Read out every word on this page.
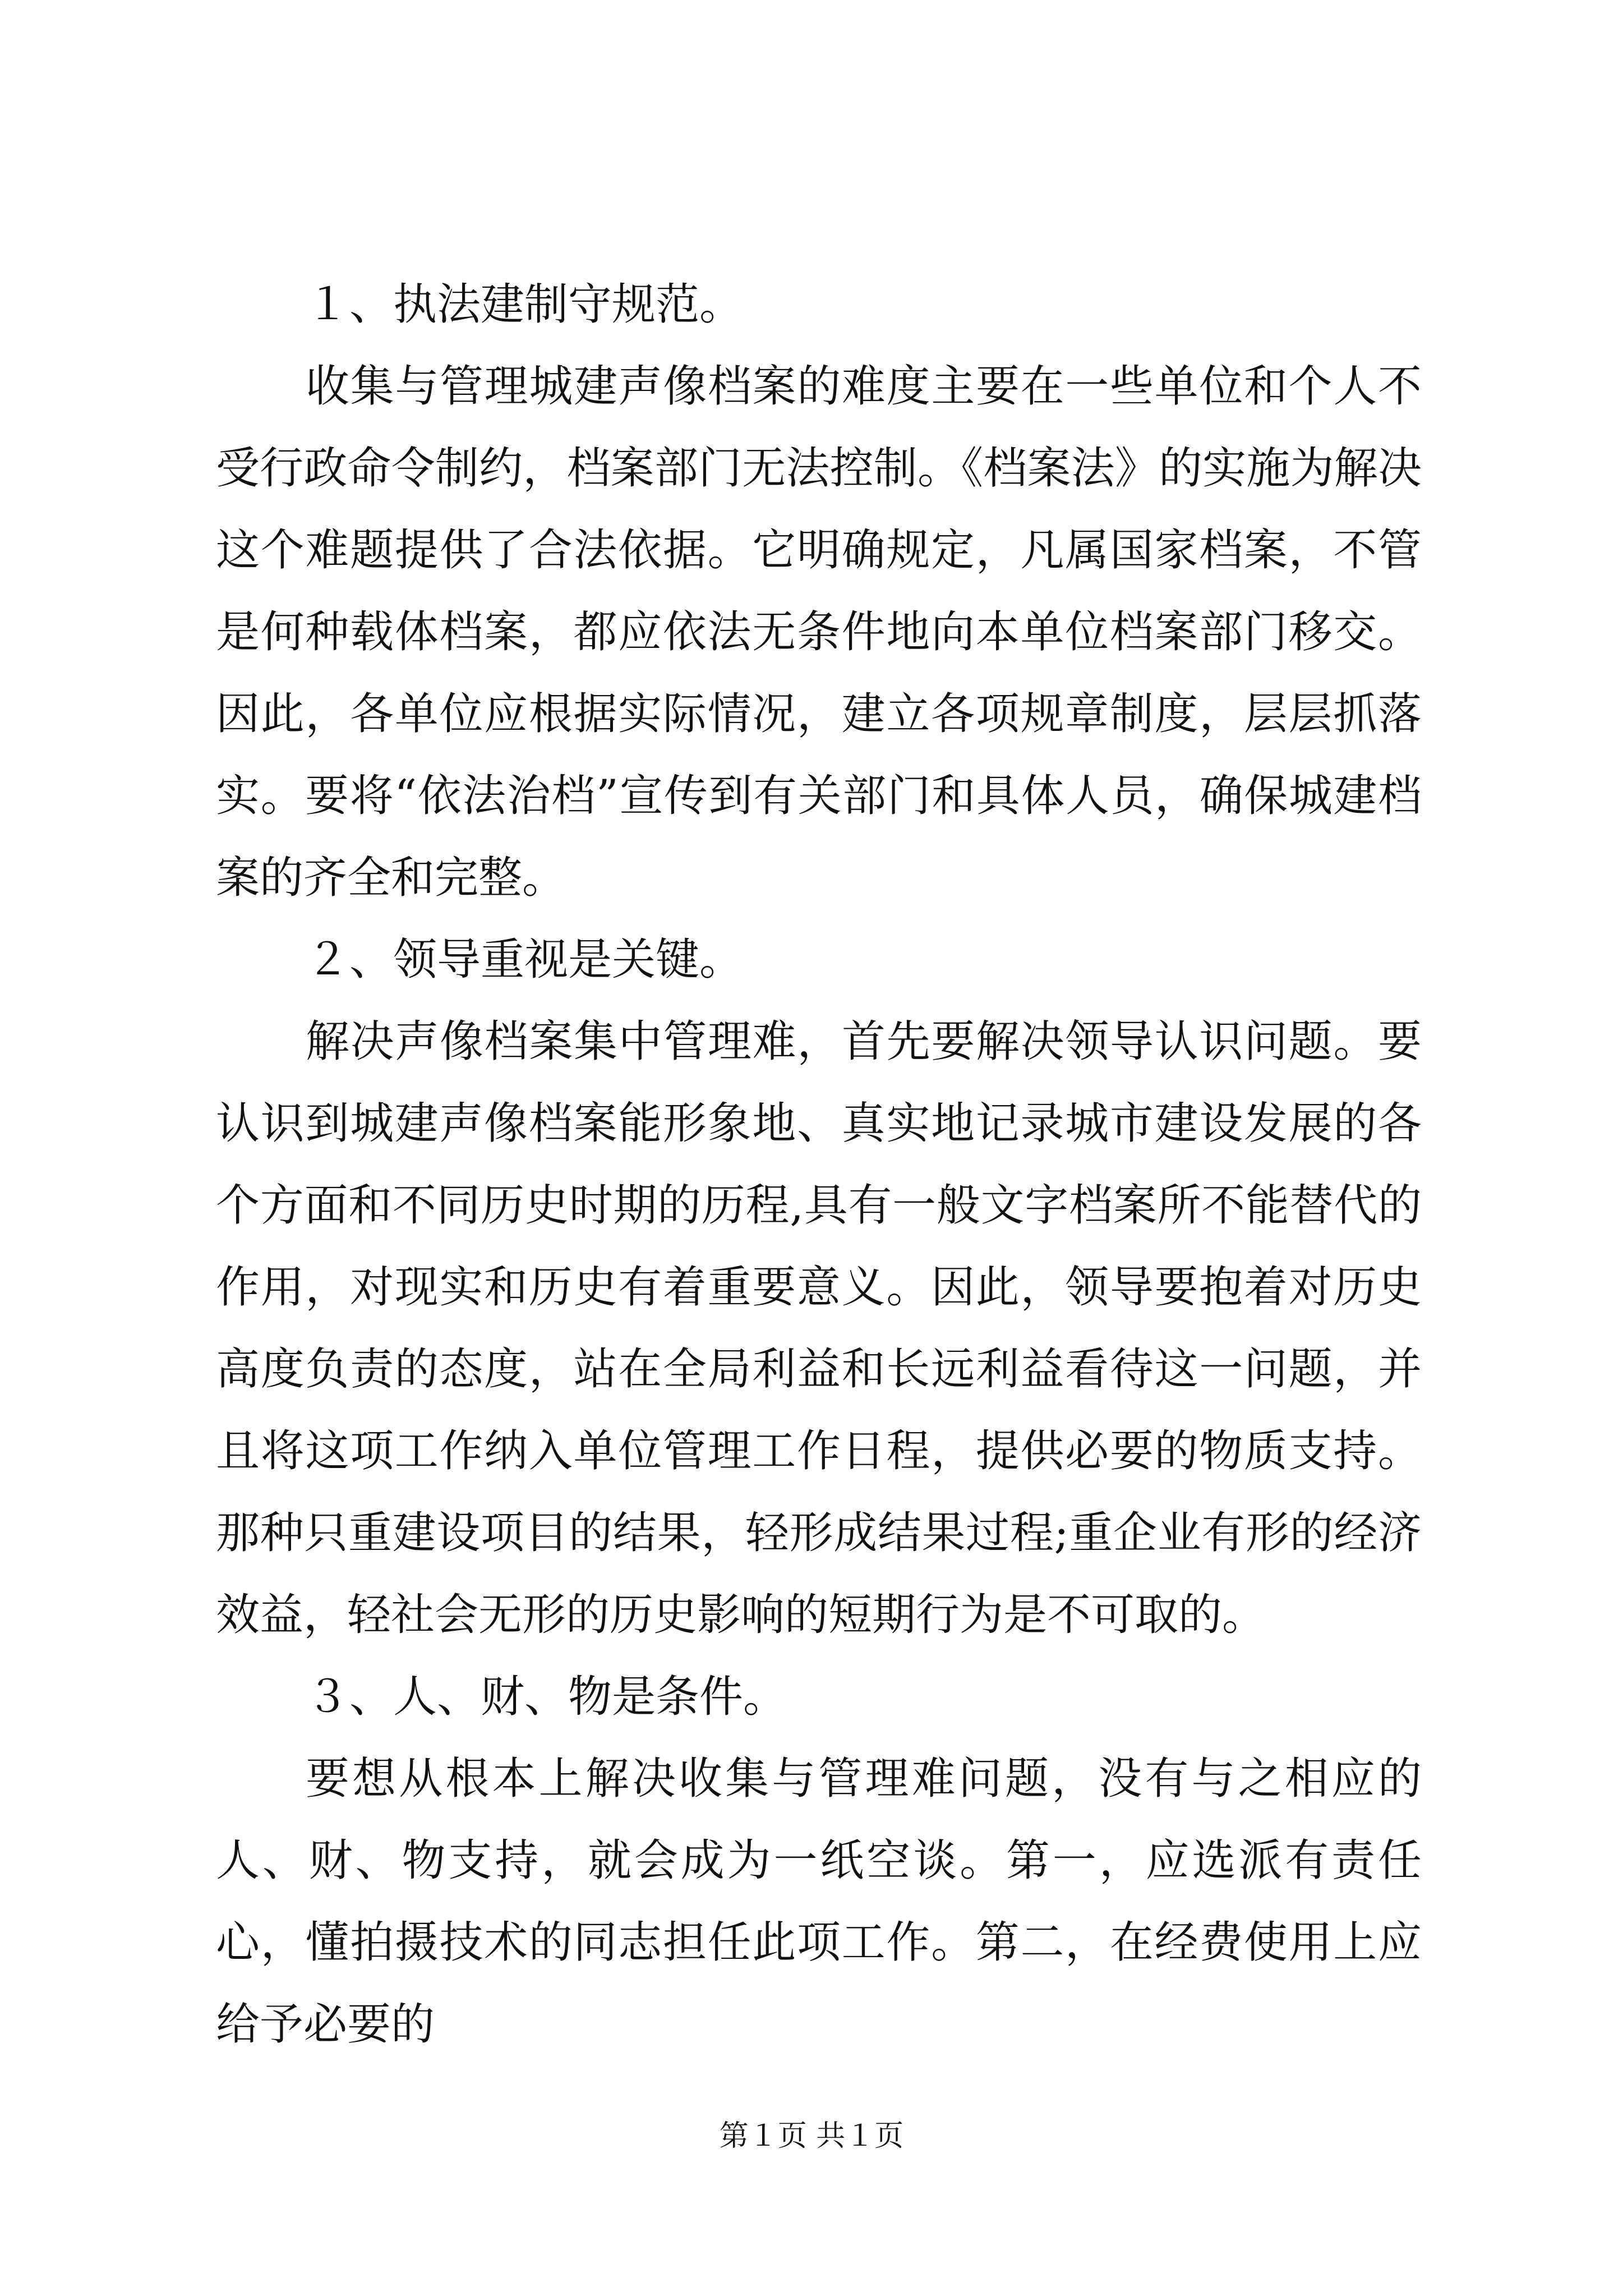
１、执法建制守规范。

收集与管理城建声像档案的难度主要在一些单位和个人不受行政命令制约，档案部门无法控制。《档案法》的实施为解决这个难题提供了合法依据。它明确规定，凡属国家档案，不管是何种载体档案，都应依法无条件地向本单位档案部门移交。因此，各单位应根据实际情况，建立各项规章制度，层层抓落实。要将“依法治档”宣传到有关部门和具体人员，确保城建档案的齐全和完整。

２、领导重视是关键。

解决声像档案集中管理难，首先要解决领导认识问题。要认识到城建声像档案能形象地、真实地记录城市建设发展的各个方面和不同历史时期的历程,具有一般文字档案所不能替代的作用，对现实和历史有着重要意义。因此，领导要抱着对历史高度负责的态度，站在全局利益和长远利益看待这一问题，并且将这项工作纳入单位管理工作日程，提供必要的物质支持。那种只重建设项目的结果，轻形成结果过程;重企业有形的经济效益，轻社会无形的历史影响的短期行为是不可取的。

３、人、财、物是条件。

要想从根本上解决收集与管理难问题，没有与之相应的人、财、物支持，就会成为一纸空谈。第一，应选派有责任心，懂拍摄技术的同志担任此项工作。第二，在经费使用上应给予必要的

第１页 共１页
